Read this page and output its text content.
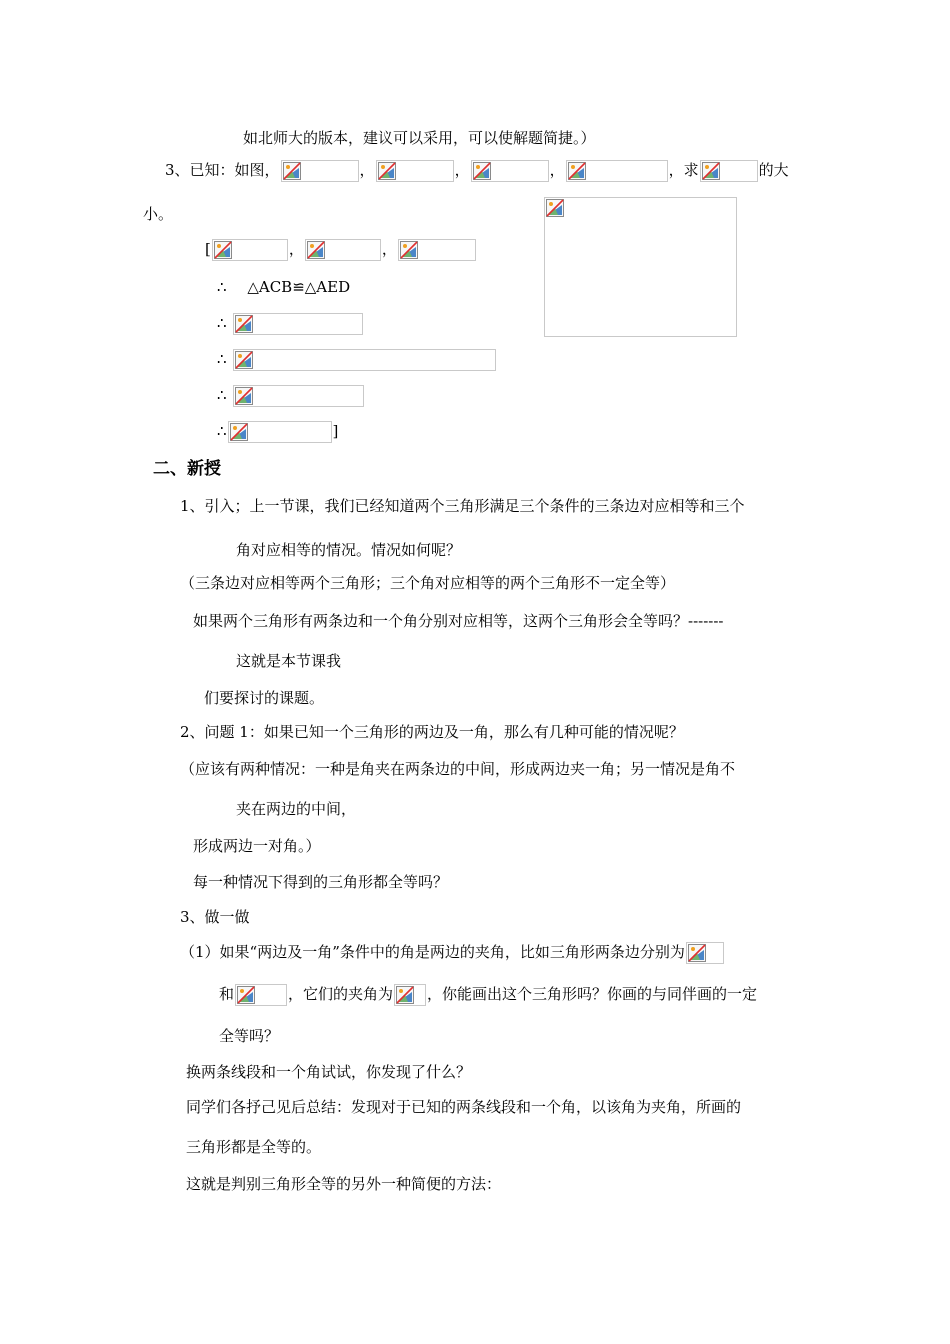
如北师大的版本，建议可以采用，可以使解题简捷。）
3、已知：如图，	，	，	，	，求	的大
小。
[	，	，
∴ △ACB≌△AED
∴
∴
∴
∴	]
二、新授
1、引入；上一节课，我们已经知道两个三角形满足三个条件的三条边对应相等和三个
角对应相等的情况。情况如何呢？
（三条边对应相等两个三角形；三个角对应相等的两个三角形不一定全等）
如果两个三角形有两条边和一个角分别对应相等，这两个三角形会全等吗？-------
这就是本节课我
们要探讨的课题。
2、问题 1：如果已知一个三角形的两边及一角，那么有几种可能的情况呢？
（应该有两种情况：一种是角夹在两条边的中间，形成两边夹一角；另一情况是角不
夹在两边的中间，
形成两边一对角。）
每一种情况下得到的三角形都全等吗？
3、做一做
（1）如果“两边及一角”条件中的角是两边的夹角，比如三角形两条边分别为
和	，它们的夹角为 ，你能画出这个三角形吗？你画的与同伴画的一定
全等吗？
换两条线段和一个角试试，你发现了什么？
同学们各抒己见后总结：发现对于已知的两条线段和一个角，以该角为夹角，所画的
三角形都是全等的。
这就是判别三角形全等的另外一种简便的方法：
